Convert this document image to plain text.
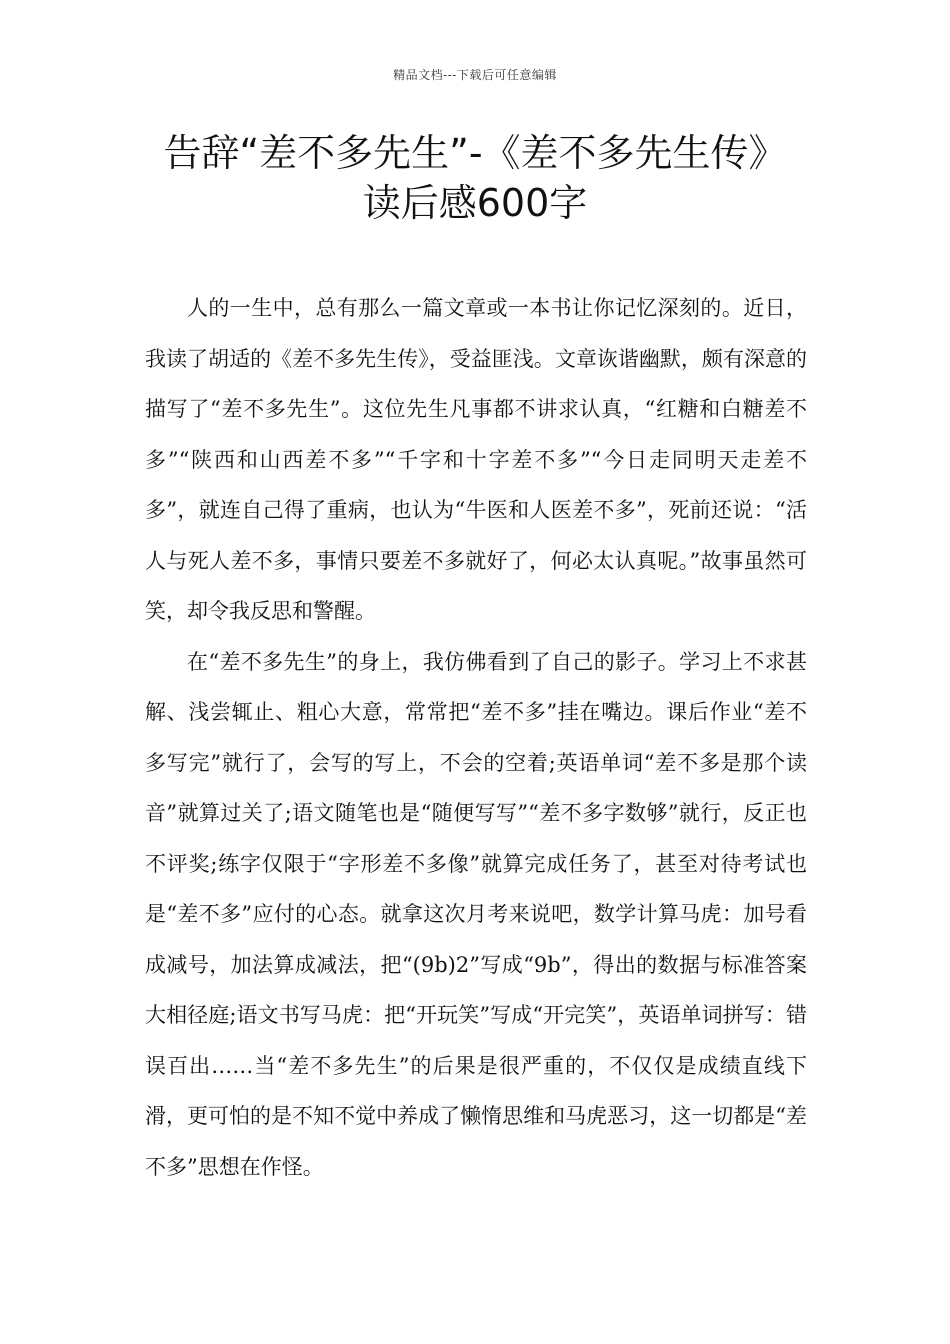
精品文档---下载后可任意编辑
告辞“差不多先生”-《差不多先生传》读后感600字

人的一生中，总有那么一篇文章或一本书让你记忆深刻的。近日，我读了胡适的《差不多先生传》，受益匪浅。文章诙谐幽默，颇有深意的描写了“差不多先生”。这位先生凡事都不讲求认真，“红糖和白糖差不多”“陕西和山西差不多”“千字和十字差不多”“今日走同明天走差不多”，就连自己得了重病，也认为“牛医和人医差不多”，死前还说：“活人与死人差不多，事情只要差不多就好了，何必太认真呢。”故事虽然可笑，却令我反思和警醒。

在“差不多先生”的身上，我仿佛看到了自己的影子。学习上不求甚解、浅尝辄止、粗心大意，常常把“差不多”挂在嘴边。课后作业“差不多写完”就行了，会写的写上，不会的空着;英语单词“差不多是那个读音”就算过关了;语文随笔也是“随便写写”“差不多字数够”就行，反正也不评奖;练字仅限于“字形差不多像”就算完成任务了，甚至对待考试也是“差不多”应付的心态。就拿这次月考来说吧，数学计算马虎：加号看成减号，加法算成减法，把“(9b)2”写成“9b”，得出的数据与标准答案大相径庭;语文书写马虎：把“开玩笑”写成“开完笑”，英语单词拼写：错误百出……当“差不多先生”的后果是很严重的，不仅仅是成绩直线下滑，更可怕的是不知不觉中养成了懒惰思维和马虎恶习，这一切都是“差不多”思想在作怪。
